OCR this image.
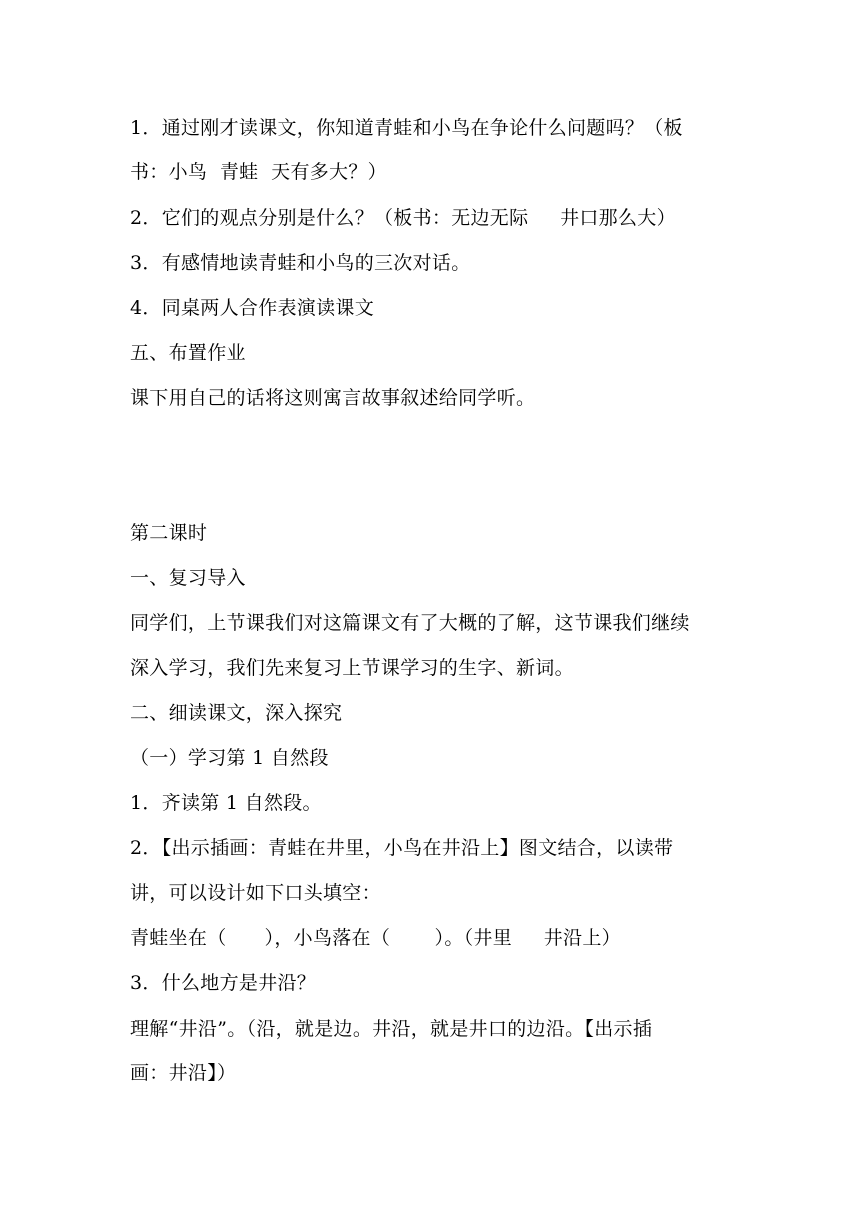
1．通过刚才读课文，你知道青蛙和小鸟在争论什么问题吗？（板
书：小鸟  青蛙  天有多大？）
2．它们的观点分别是什么？（板书：无边无际     井口那么大）
3．有感情地读青蛙和小鸟的三次对话。
4．同桌两人合作表演读课文
五、布置作业
课下用自己的话将这则寓言故事叙述给同学听。
第二课时
一、复习导入
同学们，上节课我们对这篇课文有了大概的了解，这节课我们继续
深入学习，我们先来复习上节课学习的生字、新词。
二、细读课文，深入探究
（一）学习第 1 自然段
1．齐读第 1 自然段。
2．【出示插画：青蛙在井里，小鸟在井沿上】图文结合，以读带
讲，可以设计如下口头填空：
青蛙坐在（      ），小鸟落在（       ）。（井里     井沿上）
3．什么地方是井沿？
理解“井沿”。（沿，就是边。井沿，就是井口的边沿。【出示插
画：井沿】）
